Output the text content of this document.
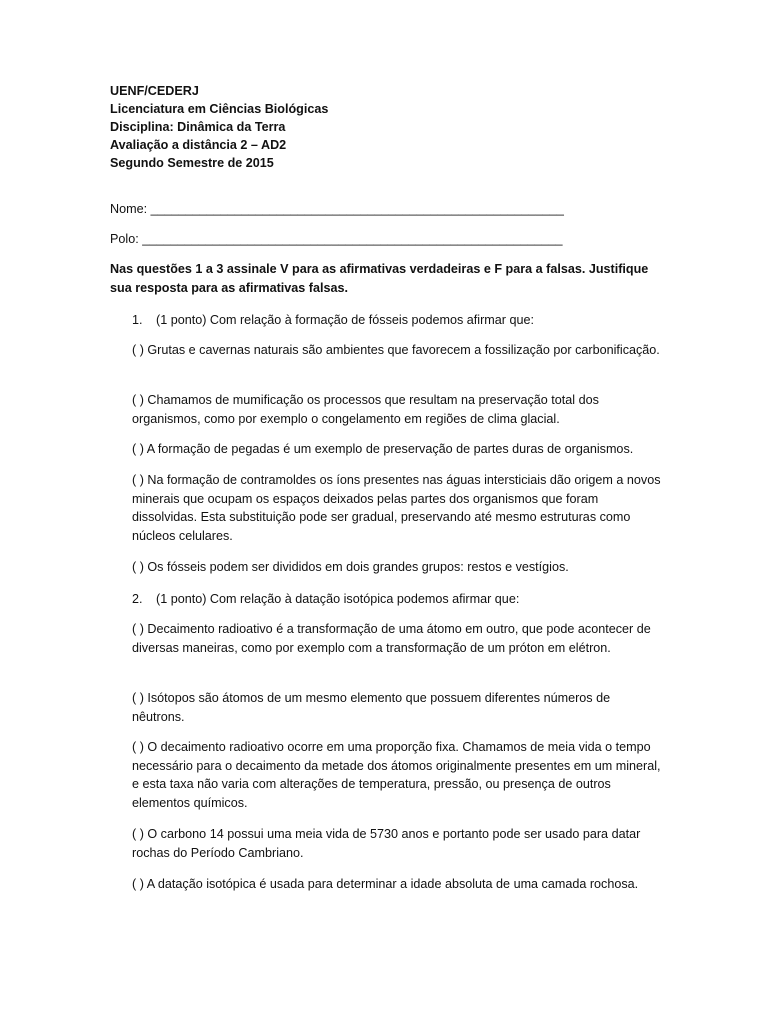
UENF/CEDERJ
Licenciatura em Ciências Biológicas
Disciplina: Dinâmica da Terra
Avaliação a distância 2 – AD2
Segundo Semestre de 2015
Nome: ___________________________________________________________
Polo: ____________________________________________________________
Nas questões 1 a 3 assinale V para as afirmativas verdadeiras e F para a falsas. Justifique sua resposta para as afirmativas falsas.
1. (1 ponto) Com relação à formação de fósseis podemos afirmar que:
( ) Grutas e cavernas naturais são ambientes que favorecem a fossilização por carbonificação.
( ) Chamamos de mumificação os processos que resultam na preservação total dos organismos, como por exemplo o congelamento em regiões de clima glacial.
( ) A formação de pegadas é um exemplo de preservação de partes duras de organismos.
( ) Na formação de contramoldes os íons presentes nas águas intersticiais dão origem a novos minerais que ocupam os espaços deixados pelas partes dos organismos que foram dissolvidas. Esta substituição pode ser gradual, preservando até mesmo estruturas como núcleos celulares.
( ) Os fósseis podem ser divididos em dois grandes grupos: restos e vestígios.
2. (1 ponto) Com relação à datação isotópica podemos afirmar que:
( ) Decaimento radioativo é a transformação de uma átomo em outro, que pode acontecer de diversas maneiras, como por exemplo com a transformação de um próton em elétron.
( ) Isótopos são átomos de um mesmo elemento que possuem diferentes números de nêutrons.
( ) O decaimento radioativo ocorre em uma proporção fixa. Chamamos de meia vida o tempo necessário para o decaimento da metade dos átomos originalmente presentes em um mineral, e esta taxa não varia com alterações de temperatura, pressão, ou presença de outros elementos químicos.
( ) O carbono 14 possui uma meia vida de 5730 anos e portanto pode ser usado para datar rochas do Período Cambriano.
( ) A datação isotópica é usada para determinar a idade absoluta de uma camada rochosa.
